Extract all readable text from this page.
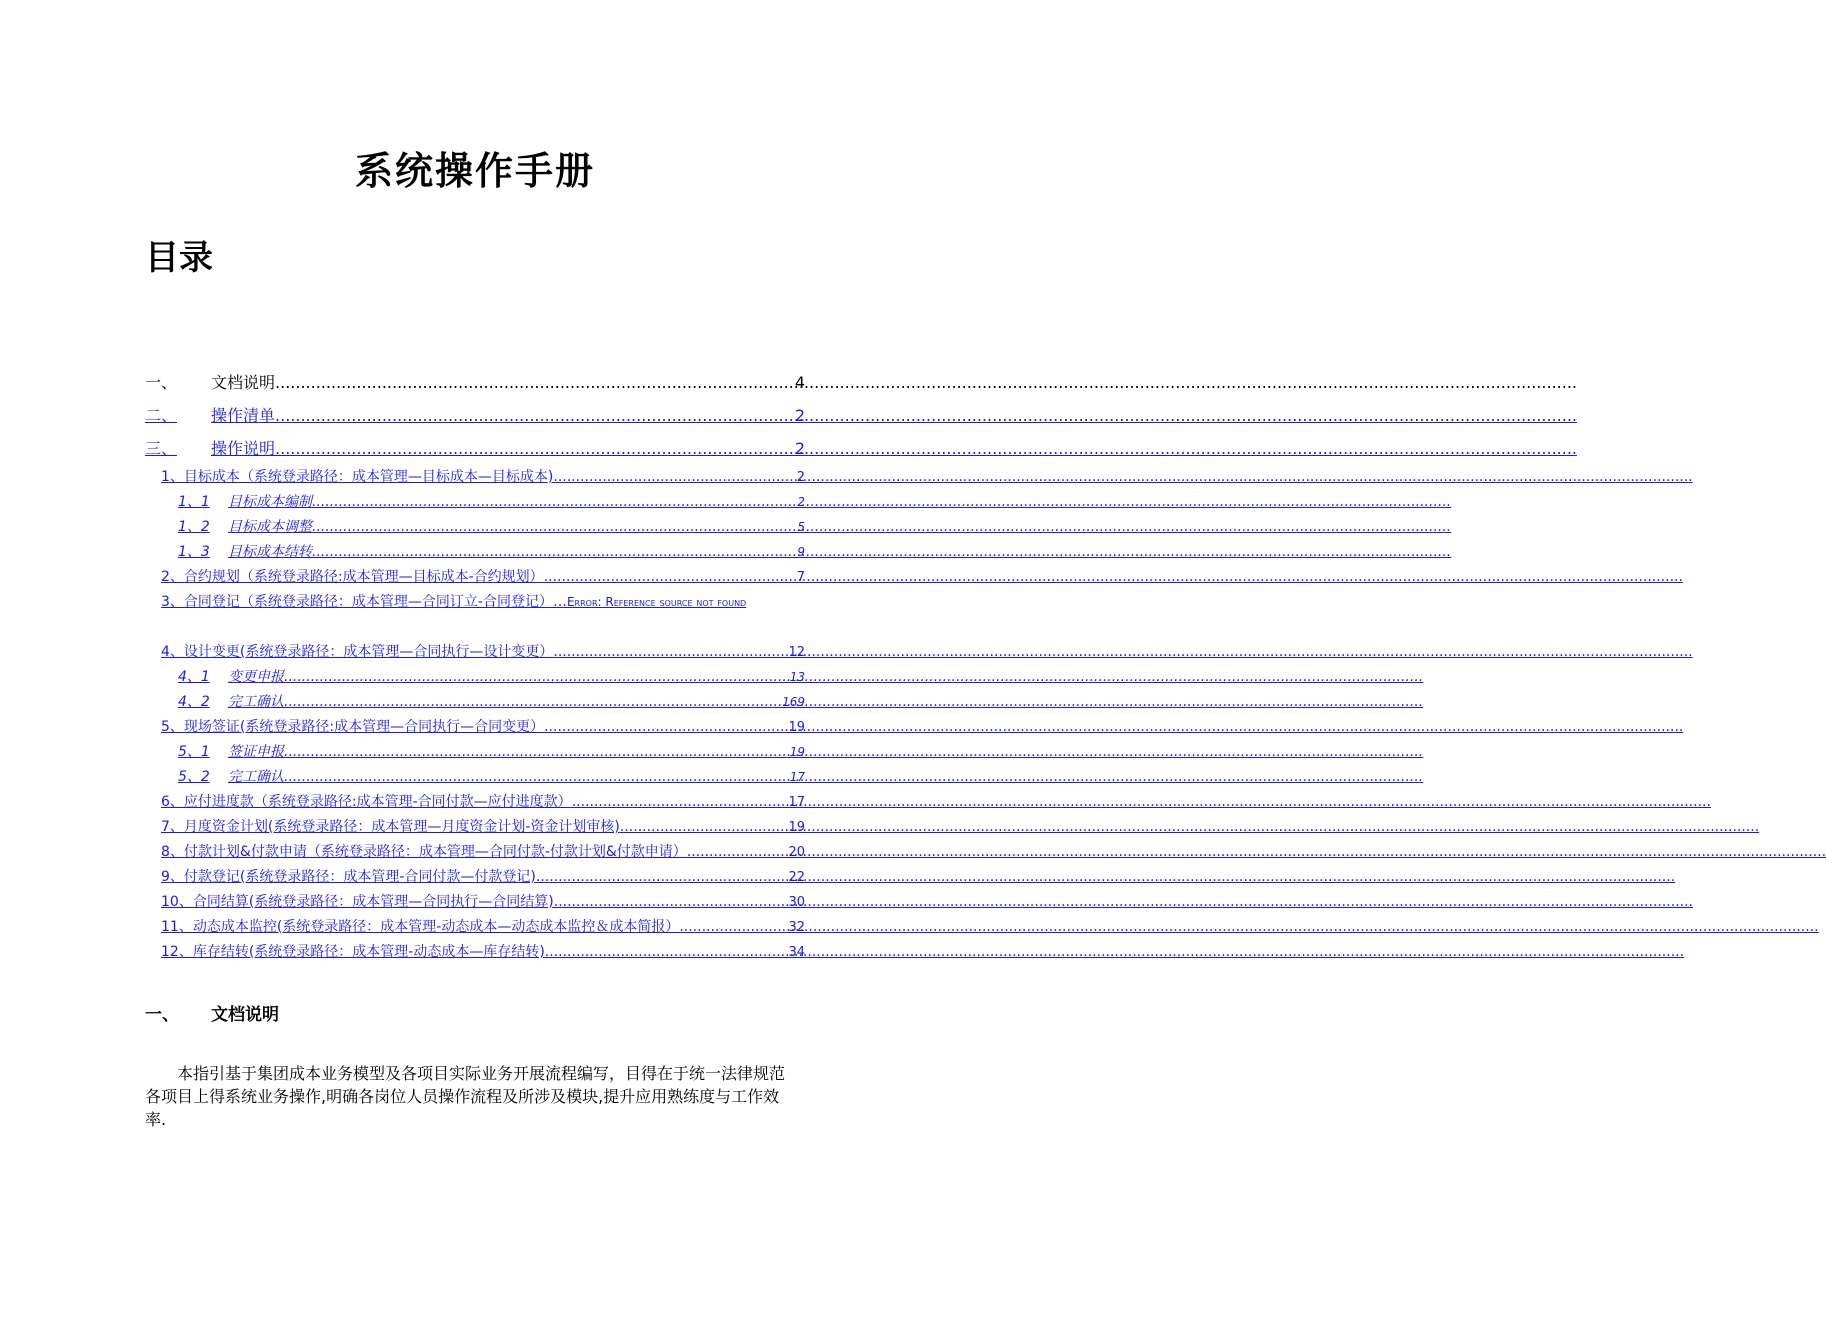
系统操作手册
目录
一、	文档说明 .....	4
二、	操作清单 .....	2
三、	操作说明 .....	2
1、目标成本（系统登录路径：成本管理—目标成本—目标成本) .....	2
1、1	目标成本编制 .....	2
1、2	目标成本调整 .....	5
1、3	目标成本结转 .....	9
2、合约规划（系统登录路径:成本管理—目标成本-合约规划） .....	7
3、合同登记（系统登录路径：成本管理—合同订立-合同登记）…Error: Reference source not found
4、设计变更(系统登录路径：成本管理—合同执行—设计变更） .....	12
4、1	变更申报 .....	13
4、2	完工确认 .....	169
5、现场签证(系统登录路径:成本管理—合同执行—合同变更） .....	19
5、1	签证申报 .....	19
5、2	完工确认 .....	17
6、应付进度款（系统登录路径:成本管理-合同付款—应付进度款） .....	17
7、月度资金计划(系统登录路径：成本管理—月度资金计划-资金计划审核) .....	19
8、付款计划&付款申请（系统登录路径：成本管理—合同付款-付款计划&付款申请） .....	20
9、付款登记(系统登录路径：成本管理-合同付款—付款登记) .....	22
10、合同结算(系统登录路径：成本管理—合同执行—合同结算) .....	30
11、动态成本监控(系统登录路径：成本管理-动态成本—动态成本监控＆成本简报） .....	32
12、库存结转(系统登录路径：成本管理-动态成本—库存结转) .....	34
一、	文档说明

本指引基于集团成本业务模型及各项目实际业务开展流程编写，目得在于统一法律规范各项目上得系统业务操作,明确各岗位人员操作流程及所涉及模块,提升应用熟练度与工作效率.
